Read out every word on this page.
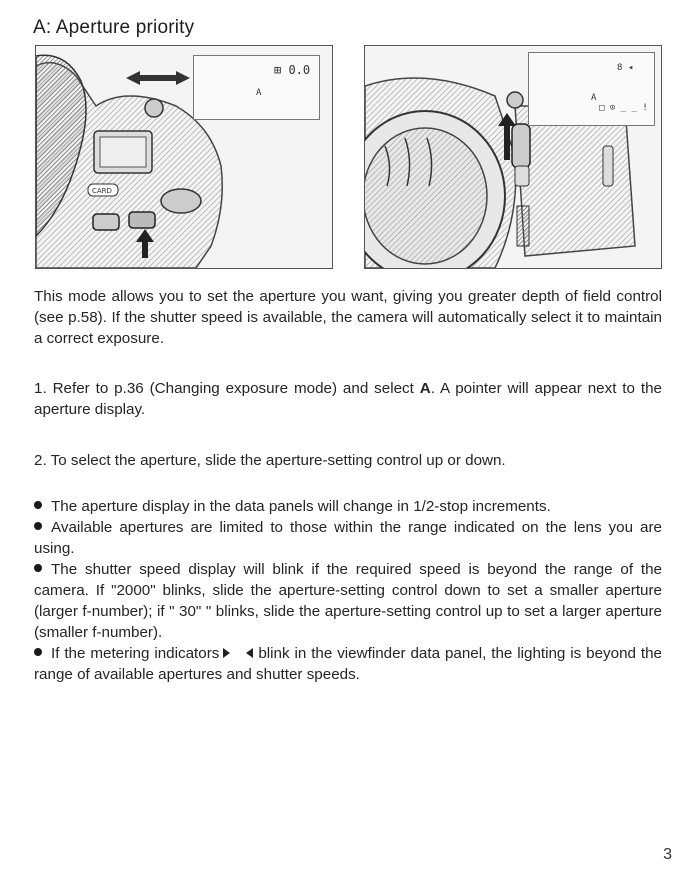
A: Aperture priority
CARD
⊞ 0.0
A
8 ◂
A
□ ⊙ _ _ !
This mode allows you to set the aperture you want, giving you greater depth of field control (see p.58). If the shutter speed is available, the camera will automatically select it to maintain a correct exposure.
1. Refer to p.36 (Changing exposure mode) and select A. A pointer will appear next to the aperture display.
2. To select the aperture, slide the aperture-setting control up or down.
The aperture display in the data panels will change in 1/2-stop increments.
Available apertures are limited to those within the range indicated on the lens you are using.
The shutter speed display will blink if the required speed is beyond the range of the camera. If "2000" blinks, slide the aperture-setting control down to set a smaller aperture (larger f-number); if " 30" " blinks, slide the aperture-setting control up to set a larger aperture (smaller f-number).
If the metering indicators	blink in the viewfinder data panel, the lighting is beyond the range of available apertures and shutter speeds.
3
